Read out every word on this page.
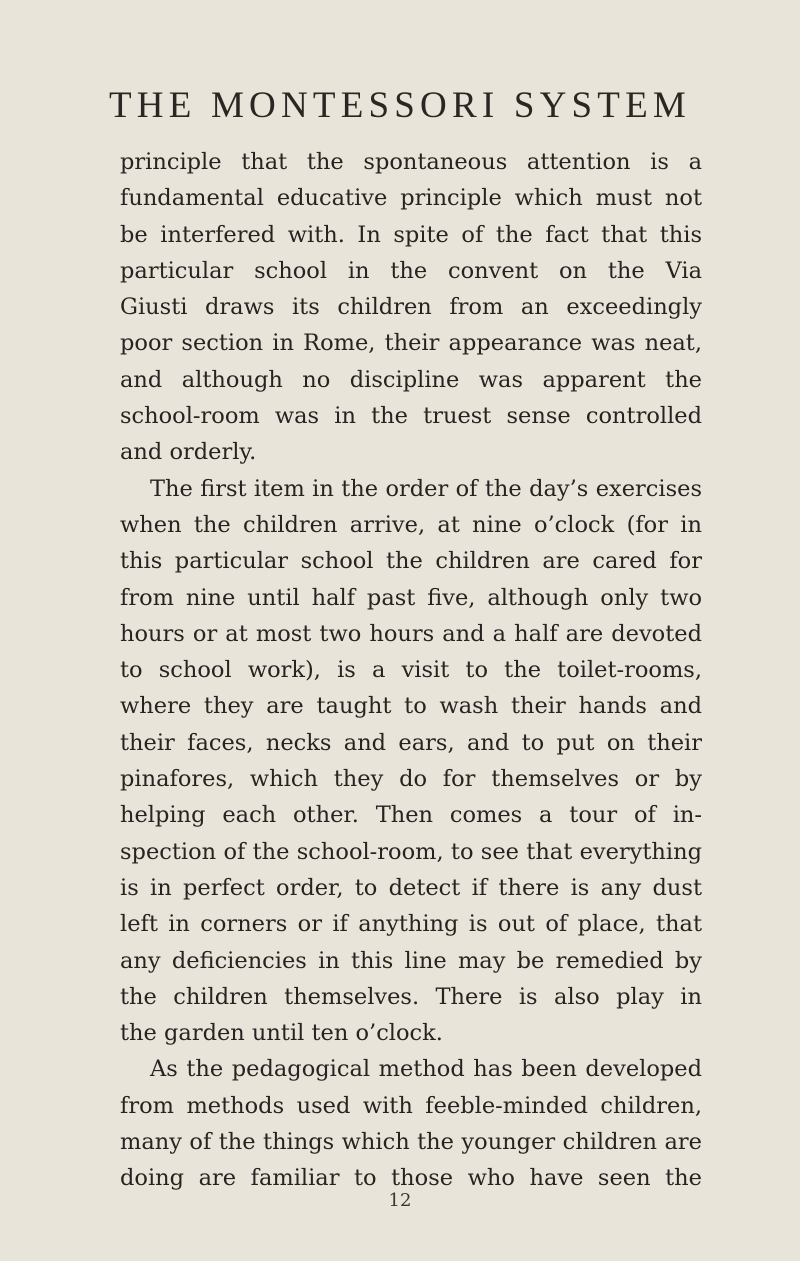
THE MONTESSORI SYSTEM
principle that the spontaneous attention is a
fundamental educative principle which must not
be interfered with. In spite of the fact that this
particular school in the convent on the Via
Giusti draws its children from an exceedingly
poor section in Rome, their appearance was neat,
and although no discipline was apparent the
school-room was in the truest sense controlled
and orderly.
The first item in the order of the day’s exercises
when the children arrive, at nine o’clock (for in
this particular school the children are cared for
from nine until half past five, although only two
hours or at most two hours and a half are devoted
to school work), is a visit to the toilet-rooms,
where they are taught to wash their hands and
their faces, necks and ears, and to put on their
pinafores, which they do for themselves or by
helping each other. Then comes a tour of in-
spection of the school-room, to see that everything
is in perfect order, to detect if there is any dust
left in corners or if anything is out of place, that
any deficiencies in this line may be remedied by
the children themselves. There is also play in
the garden until ten o’clock.
As the pedagogical method has been developed
from methods used with feeble-minded children,
many of the things which the younger children are
doing are familiar to those who have seen the
12
